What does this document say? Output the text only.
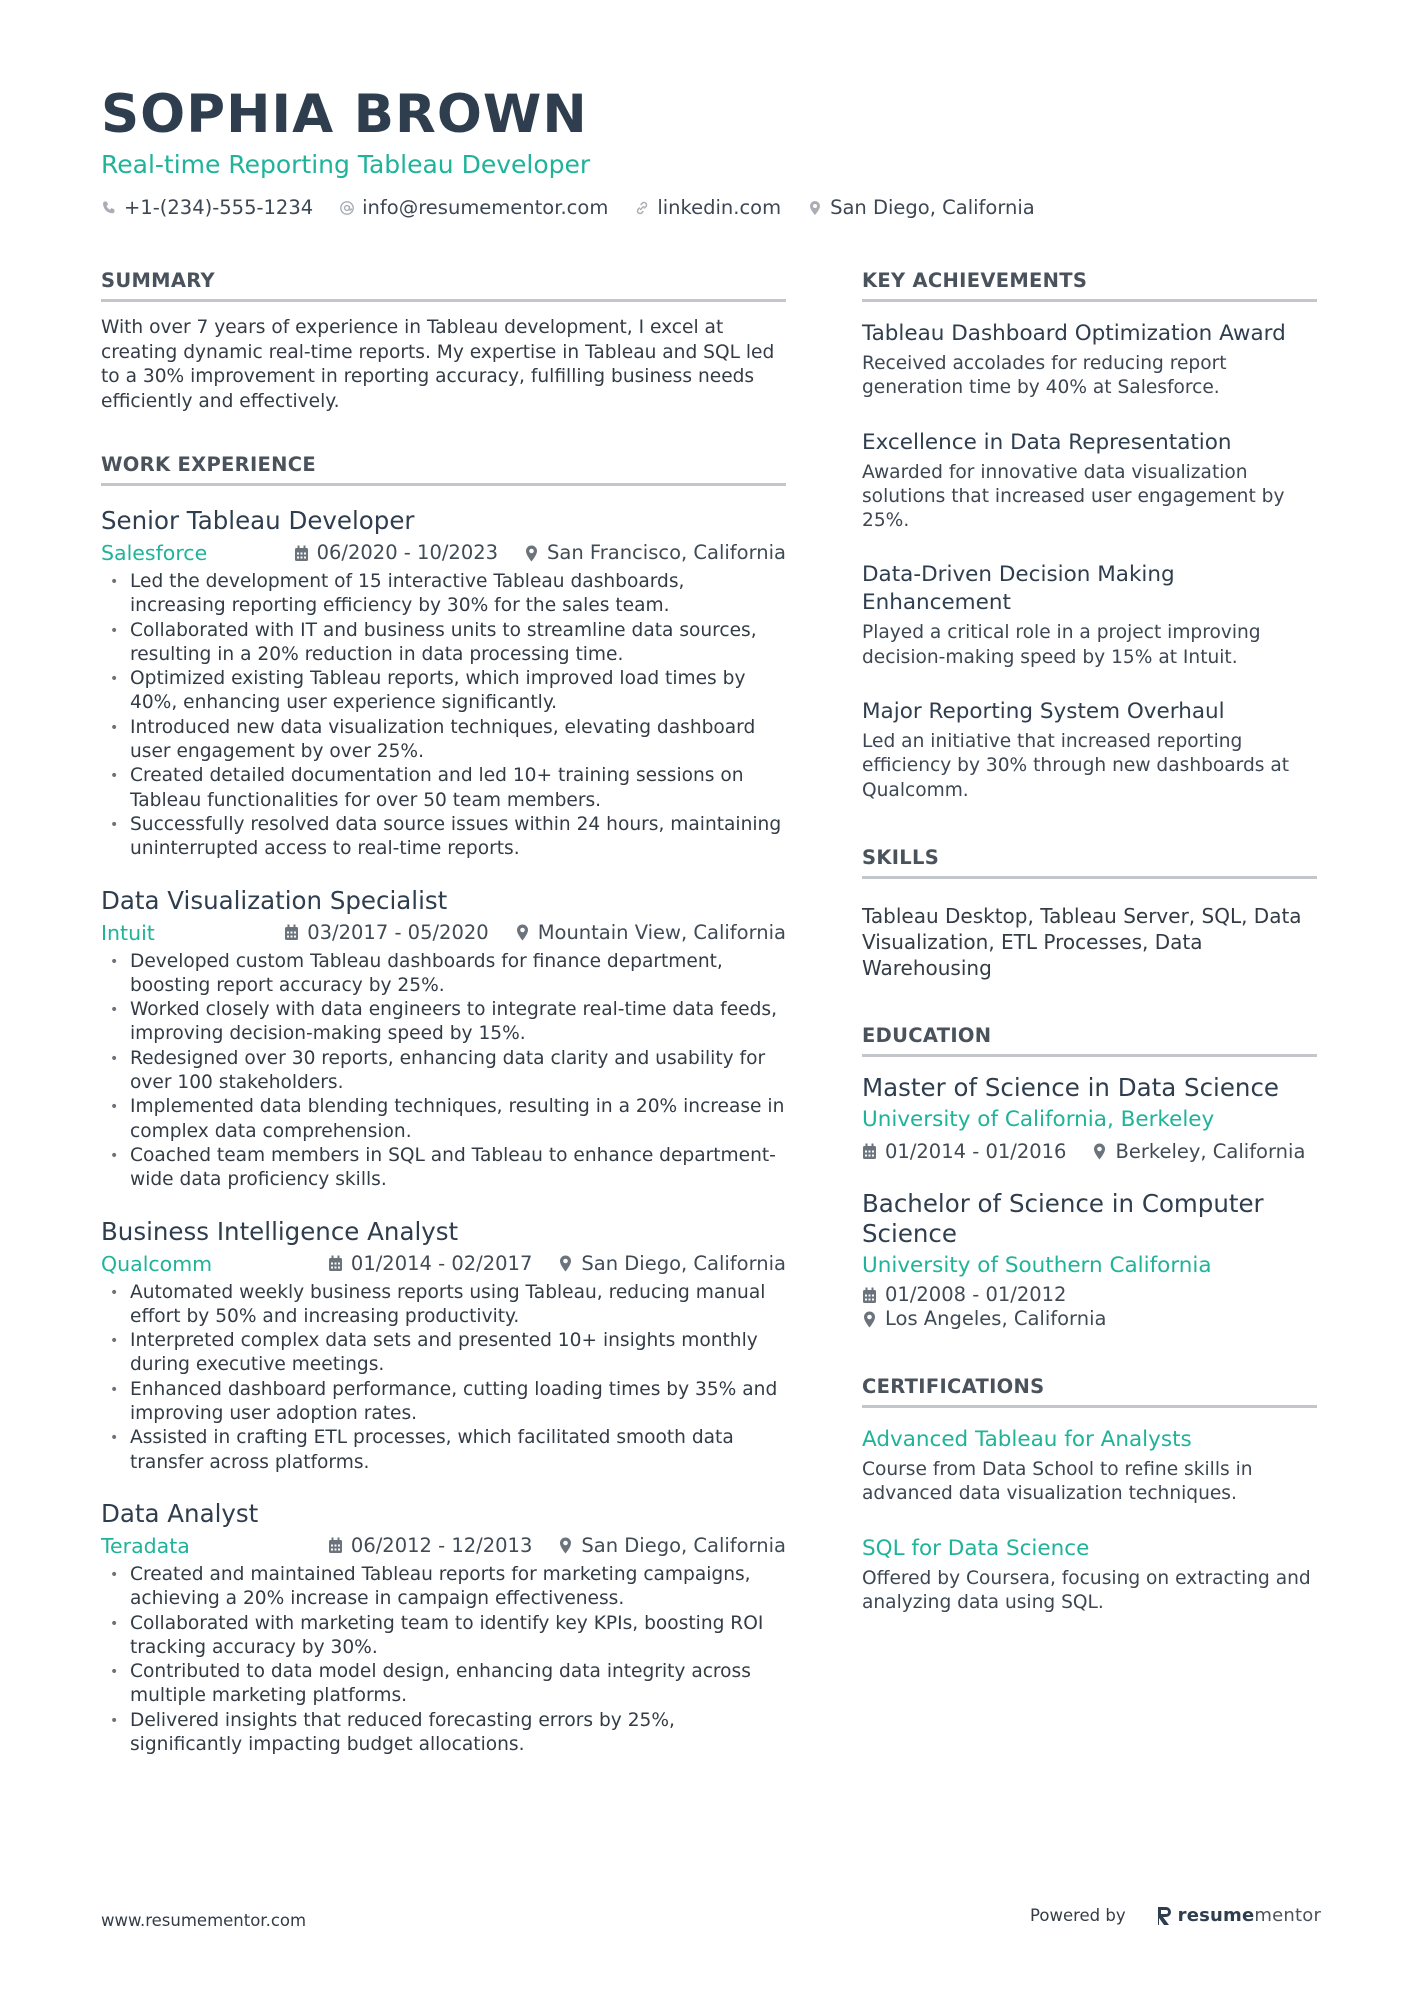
SOPHIA BROWN
Real-time Reporting Tableau Developer
+1-(234)-555-1234	info@resumementor.com	linkedin.com	San Diego, California
SUMMARY
With over 7 years of experience in Tableau development, I excel at creating dynamic real-time reports. My expertise in Tableau and SQL led to a 30% improvement in reporting accuracy, fulfilling business needs efficiently and effectively.
WORK EXPERIENCE
Senior Tableau Developer
Salesforce	06/2020 - 10/2023	San Francisco, California
• Led the development of 15 interactive Tableau dashboards, increasing reporting efficiency by 30% for the sales team.
• Collaborated with IT and business units to streamline data sources, resulting in a 20% reduction in data processing time.
• Optimized existing Tableau reports, which improved load times by 40%, enhancing user experience significantly.
• Introduced new data visualization techniques, elevating dashboard user engagement by over 25%.
• Created detailed documentation and led 10+ training sessions on Tableau functionalities for over 50 team members.
• Successfully resolved data source issues within 24 hours, maintaining uninterrupted access to real-time reports.
Data Visualization Specialist
Intuit	03/2017 - 05/2020	Mountain View, California
• Developed custom Tableau dashboards for finance department, boosting report accuracy by 25%.
• Worked closely with data engineers to integrate real-time data feeds, improving decision-making speed by 15%.
• Redesigned over 30 reports, enhancing data clarity and usability for over 100 stakeholders.
• Implemented data blending techniques, resulting in a 20% increase in complex data comprehension.
• Coached team members in SQL and Tableau to enhance department-wide data proficiency skills.
Business Intelligence Analyst
Qualcomm	01/2014 - 02/2017	San Diego, California
• Automated weekly business reports using Tableau, reducing manual effort by 50% and increasing productivity.
• Interpreted complex data sets and presented 10+ insights monthly during executive meetings.
• Enhanced dashboard performance, cutting loading times by 35% and improving user adoption rates.
• Assisted in crafting ETL processes, which facilitated smooth data transfer across platforms.
Data Analyst
Teradata	06/2012 - 12/2013	San Diego, California
• Created and maintained Tableau reports for marketing campaigns, achieving a 20% increase in campaign effectiveness.
• Collaborated with marketing team to identify key KPIs, boosting ROI tracking accuracy by 30%.
• Contributed to data model design, enhancing data integrity across multiple marketing platforms.
• Delivered insights that reduced forecasting errors by 25%, significantly impacting budget allocations.
KEY ACHIEVEMENTS
Tableau Dashboard Optimization Award
Received accolades for reducing report generation time by 40% at Salesforce.
Excellence in Data Representation
Awarded for innovative data visualization solutions that increased user engagement by 25%.
Data-Driven Decision Making Enhancement
Played a critical role in a project improving decision-making speed by 15% at Intuit.
Major Reporting System Overhaul
Led an initiative that increased reporting efficiency by 30% through new dashboards at Qualcomm.
SKILLS
Tableau Desktop, Tableau Server, SQL, Data Visualization, ETL Processes, Data Warehousing
EDUCATION
Master of Science in Data Science
University of California, Berkeley
01/2014 - 01/2016	Berkeley, California
Bachelor of Science in Computer Science
University of Southern California
01/2008 - 01/2012
Los Angeles, California
CERTIFICATIONS
Advanced Tableau for Analysts
Course from Data School to refine skills in advanced data visualization techniques.
SQL for Data Science
Offered by Coursera, focusing on extracting and analyzing data using SQL.
www.resumementor.com	Powered by	resume mentor
